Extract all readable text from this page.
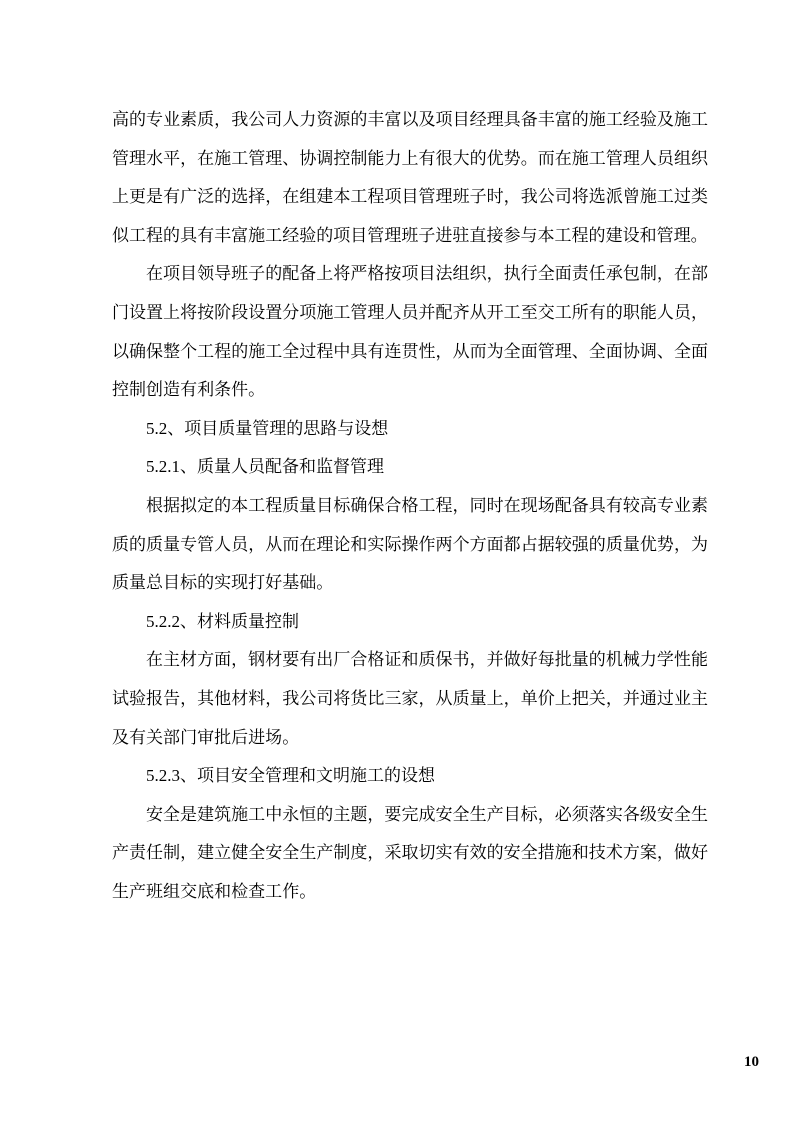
高的专业素质，我公司人力资源的丰富以及项目经理具备丰富的施工经验及施工管理水平，在施工管理、协调控制能力上有很大的优势。而在施工管理人员组织上更是有广泛的选择，在组建本工程项目管理班子时，我公司将选派曾施工过类似工程的具有丰富施工经验的项目管理班子进驻直接参与本工程的建设和管理。

在项目领导班子的配备上将严格按项目法组织，执行全面责任承包制，在部门设置上将按阶段设置分项施工管理人员并配齐从开工至交工所有的职能人员，以确保整个工程的施工全过程中具有连贯性，从而为全面管理、全面协调、全面控制创造有利条件。

5.2、项目质量管理的思路与设想

5.2.1、质量人员配备和监督管理

根据拟定的本工程质量目标确保合格工程，同时在现场配备具有较高专业素质的质量专管人员，从而在理论和实际操作两个方面都占据较强的质量优势，为质量总目标的实现打好基础。

5.2.2、材料质量控制

在主材方面，钢材要有出厂合格证和质保书，并做好每批量的机械力学性能试验报告，其他材料，我公司将货比三家，从质量上，单价上把关，并通过业主及有关部门审批后进场。

5.2.3、项目安全管理和文明施工的设想

安全是建筑施工中永恒的主题，要完成安全生产目标，必须落实各级安全生产责任制，建立健全安全生产制度，采取切实有效的安全措施和技术方案，做好生产班组交底和检查工作。

10
